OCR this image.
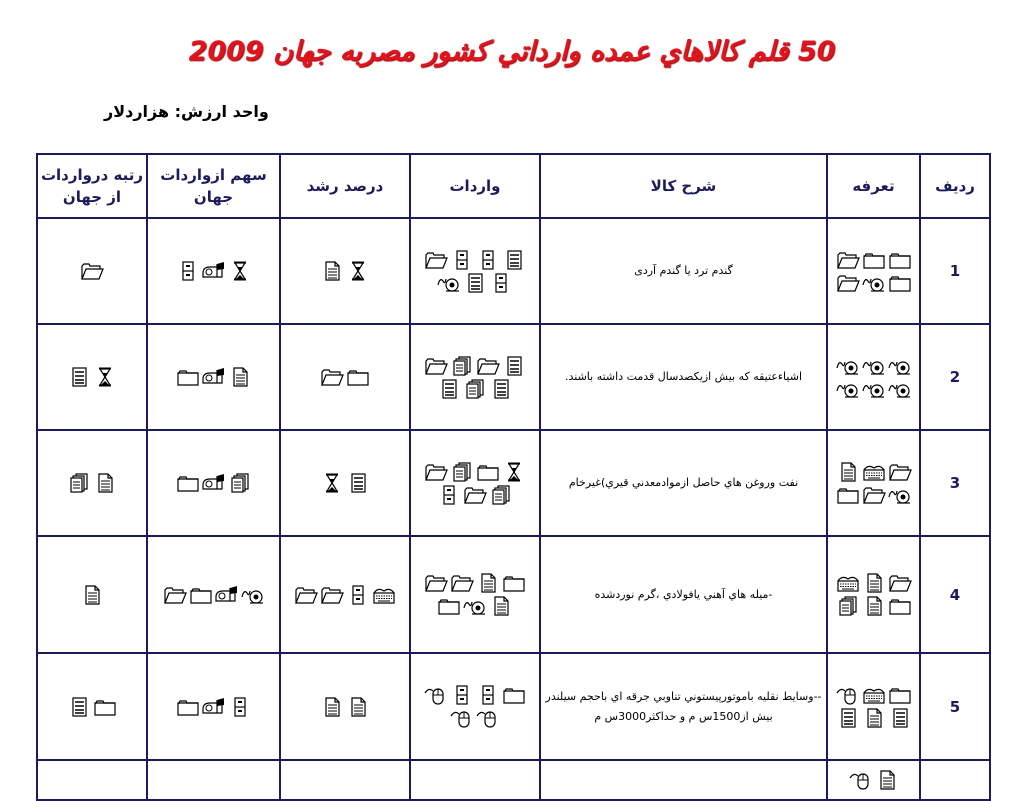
50 قلم کالاهاي عمده وارداتي کشور مصربه جهان 2009
واحد ارزش: هزاردلار
رديف	تعرفه	شرح کالا	واردات	درصد رشد	سهم ازواردات جهان	رتبه درواردات از جهان
1		گندم ترد يا گندم آردی	

2		اشياءعتيقه که بيش ازيکصدسال قدمت داشته باشند.	

3		نفت وروغن هاي حاصل ازموادمعدني قيري)غيرخام	

4		-ميله هاي آهني يافولادي ،گرم نوردشده	

5		--وسايط نقليه باموتورپيستوني تناوبي جرقه اي باحجم سيلندر بيش از1500س م و حداکثر3000س م	
